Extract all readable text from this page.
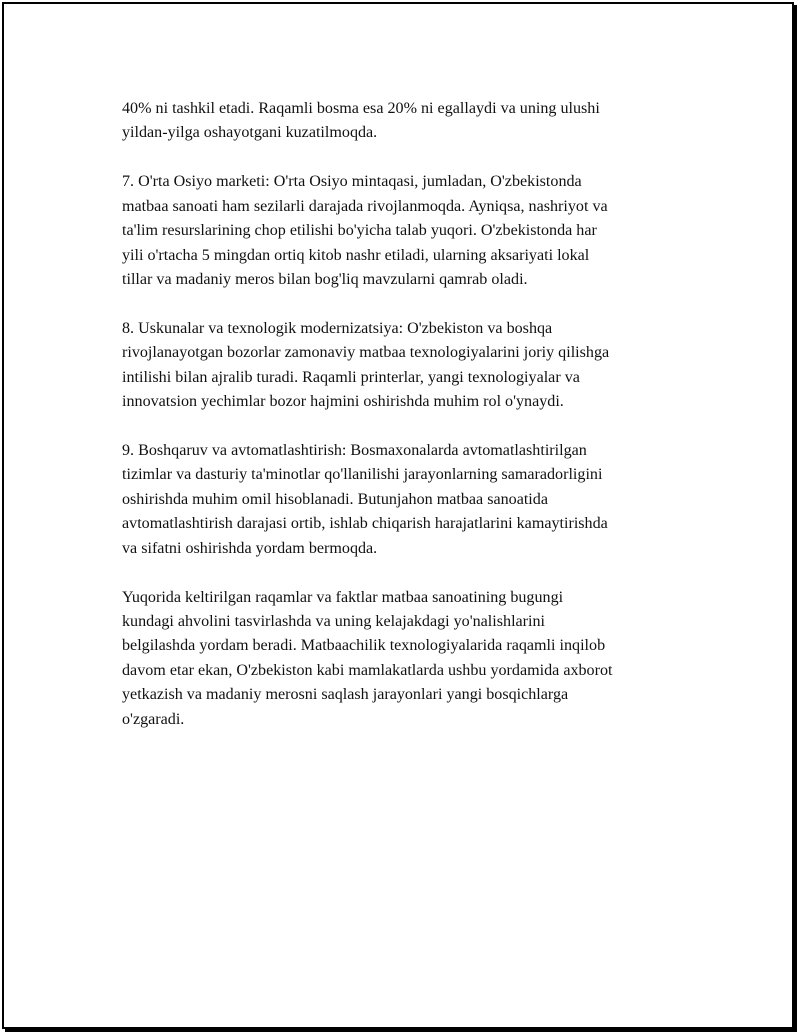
40% ni tashkil etadi. Raqamli bosma esa 20% ni egallaydi va uning ulushi
yildan-yilga oshayotgani kuzatilmoqda.

7. O'rta Osiyo marketi: O'rta Osiyo mintaqasi, jumladan, O'zbekistonda
matbaa sanoati ham sezilarli darajada rivojlanmoqda. Ayniqsa, nashriyot va
ta'lim resurslarining chop etilishi bo'yicha talab yuqori. O'zbekistonda har
yili o'rtacha 5 mingdan ortiq kitob nashr etiladi, ularning aksariyati lokal
tillar va madaniy meros bilan bog'liq mavzularni qamrab oladi.

8. Uskunalar va texnologik modernizatsiya: O'zbekiston va boshqa
rivojlanayotgan bozorlar zamonaviy matbaa texnologiyalarini joriy qilishga
intilishi bilan ajralib turadi. Raqamli printerlar, yangi texnologiyalar va
innovatsion yechimlar bozor hajmini oshirishda muhim rol o'ynaydi.

9. Boshqaruv va avtomatlashtirish: Bosmaxonalarda avtomatlashtirilgan
tizimlar va dasturiy ta'minotlar qo'llanilishi jarayonlarning samaradorligini
oshirishda muhim omil hisoblanadi. Butunjahon matbaa sanoatida
avtomatlashtirish darajasi ortib, ishlab chiqarish harajatlarini kamaytirishda
va sifatni oshirishda yordam bermoqda.

Yuqorida keltirilgan raqamlar va faktlar matbaa sanoatining bugungi
kundagi ahvolini tasvirlashda va uning kelajakdagi yo'nalishlarini
belgilashda yordam beradi. Matbaachilik texnologiyalarida raqamli inqilob
davom etar ekan, O'zbekiston kabi mamlakatlarda ushbu yordamida axborot
yetkazish va madaniy merosni saqlash jarayonlari yangi bosqichlarga
o'zgaradi.
